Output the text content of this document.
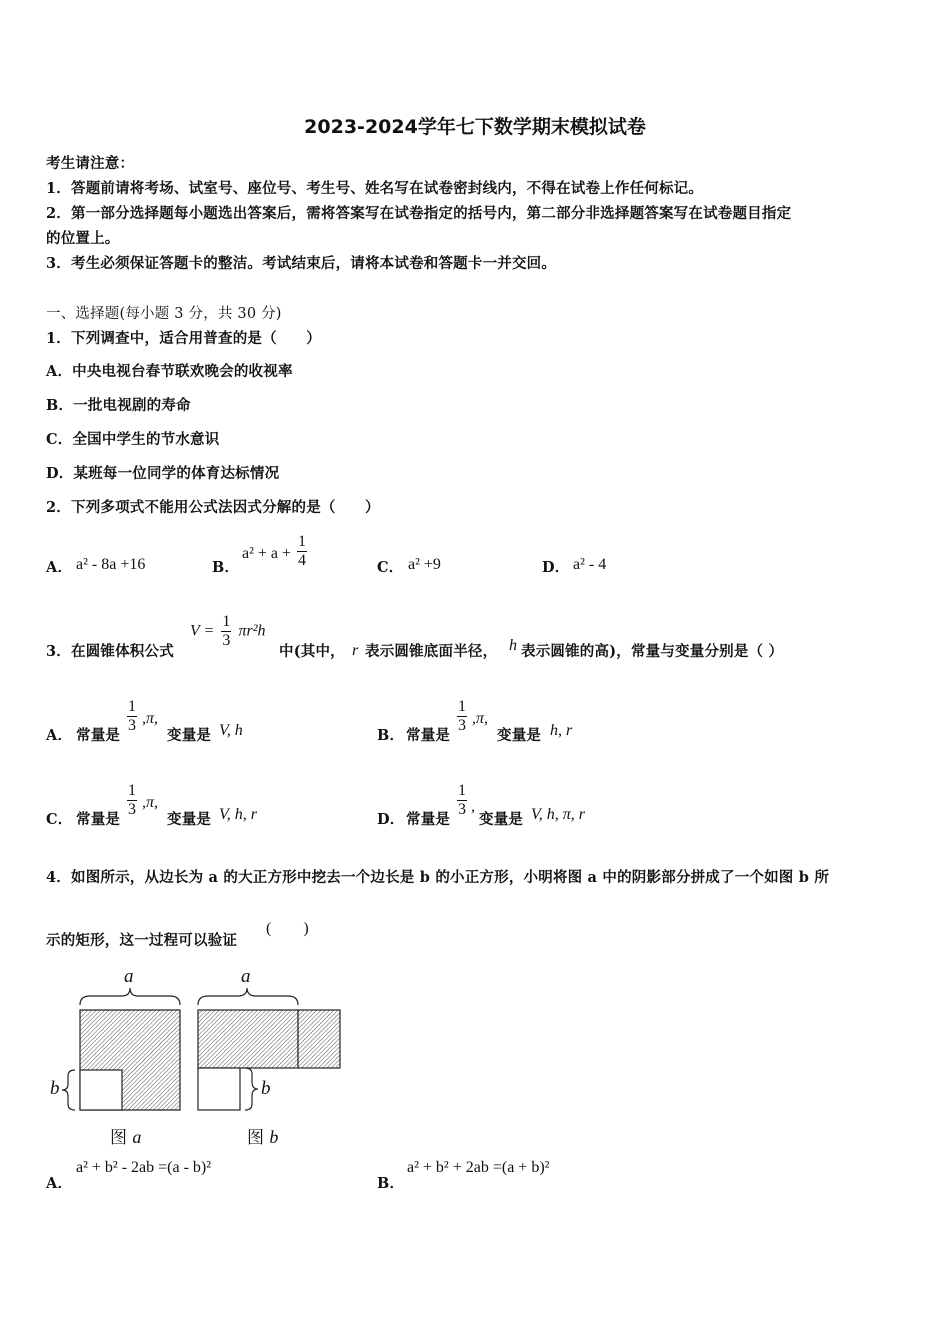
2023-2024学年七下数学期末模拟试卷
考生请注意：
1．答题前请将考场、试室号、座位号、考生号、姓名写在试卷密封线内，不得在试卷上作任何标记。
2．第一部分选择题每小题选出答案后，需将答案写在试卷指定的括号内，第二部分非选择题答案写在试卷题目指定
的位置上。
3．考生必须保证答题卡的整洁。考试结束后，请将本试卷和答题卡一并交回。
一、选择题(每小题 3 分，共 30 分)
1．下列调查中，适合用普查的是（　　）
A．中央电视台春节联欢晚会的收视率
B．一批电视剧的寿命
C．全国中学生的节水意识
D．某班每一位同学的体育达标情况
2．下列多项式不能用公式法因式分解的是（　　）
A． a² - 8a +16	B．
$a^2 + a + \frac{1}{4}$	C． a² +9	D． a² - 4
3．在圆锥体积公式
$V = \frac{1}{3} \pi r^2h$
中(其中， r 表示圆锥底面半径， h 表示圆锥的高)，常量与变量分别是（ ）
A． 常量是
$\frac{1}{3} ,\pi$,
变量是 V, h	B． 常量是
$\frac{1}{3} ,\pi$,
变量是 h, r
C． 常量是
$\frac{1}{3} ,\pi$,
变量是 V, h, r	D． 常量是
$\frac{1}{3}$ ,
变量是 V, h, π, r
4．如图所示，从边长为 a 的大正方形中挖去一个边长是 b 的小正方形，小明将图 a 中的阴影部分拼成了一个如图 b 所
示的矩形，这一过程可以验证
(　　)
a	a
b	b
图 a	图 b
A．
a² + b² - 2ab =(a - b)²
B．
a² + b² + 2ab =(a + b)²
